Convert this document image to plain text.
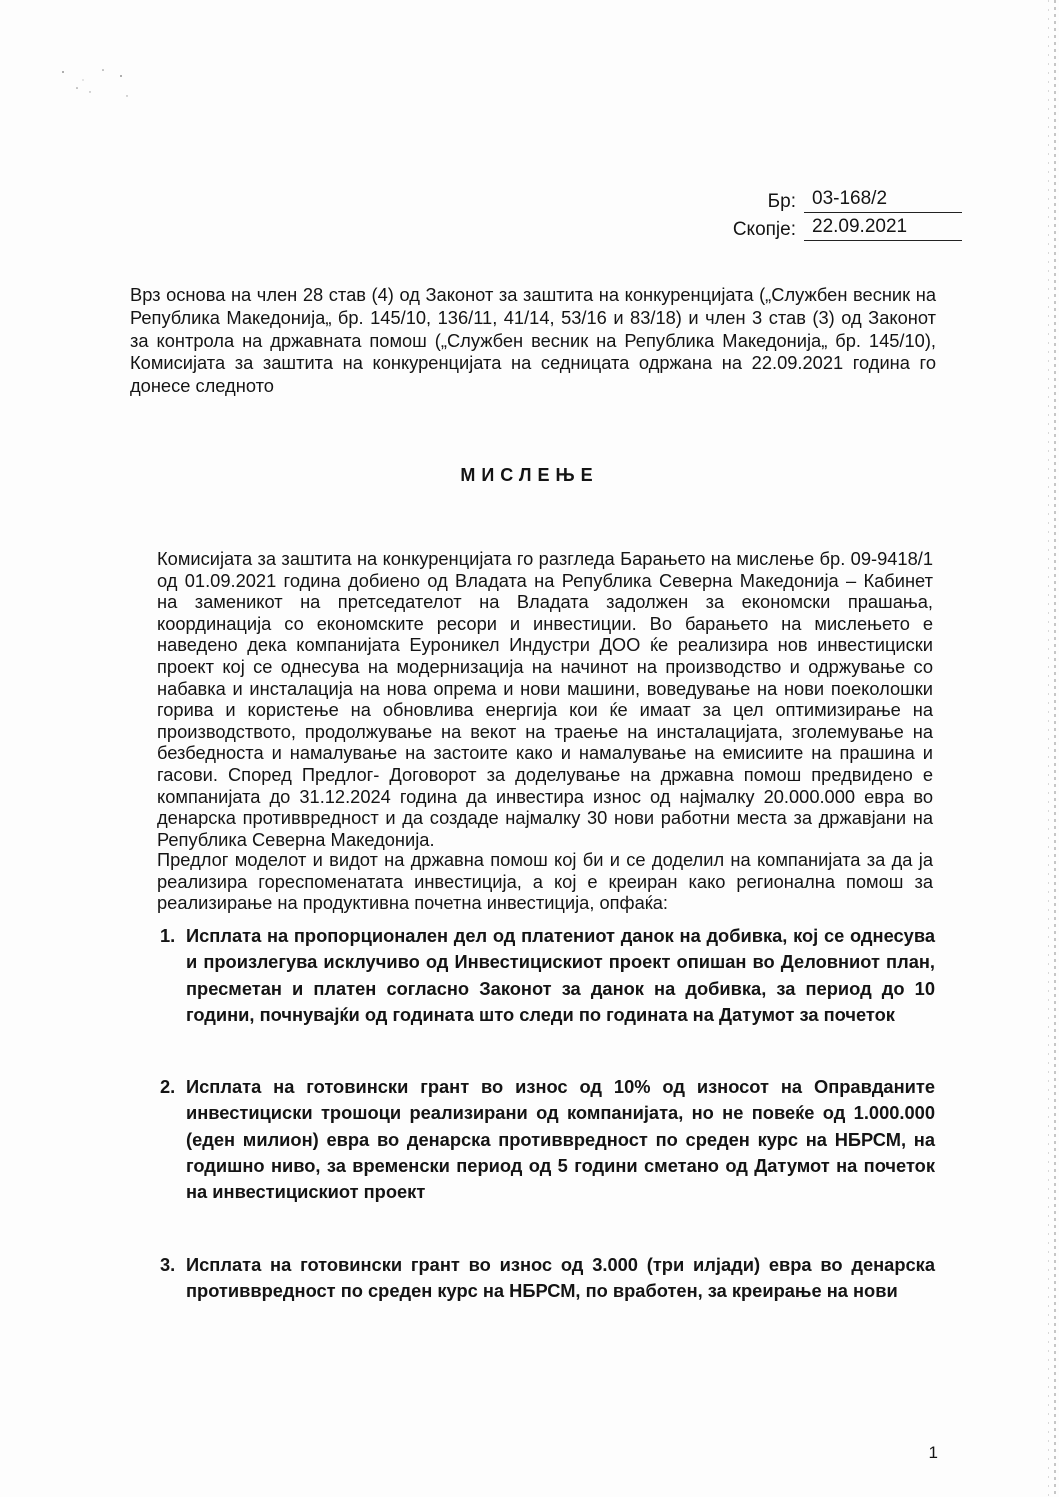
Бр: 03-168/2
Скопје: 22.09.2021
Врз основа на член 28 став (4) од Законот за заштита на конкуренцијата („Службен весник на Република Македонија„ бр. 145/10, 136/11, 41/14, 53/16 и 83/18) и член 3 став (3) од Законот за контрола на државната помош („Службен весник на Република Македонија„ бр. 145/10), Комисијата за заштита на конкуренцијата на седницата одржана на 22.09.2021 година го донесе следното
МИСЛЕЊЕ
Комисијата за заштита на конкуренцијата го разгледа Барањето на мислење бр. 09-9418/1 од 01.09.2021 година добиено од Владата на Република Северна Македонија – Кабинет на заменикот на претседателот на Владата задолжен за економски прашања, координација со економските ресори и инвестиции. Во барањето на мислењето е наведено дека компанијата Еуроникел Индустри ДОО ќе реализира нов инвестициски проект кој се однесува на модернизација на начинот на производство и одржување со набавка и инсталација на нова опрема и нови машини, воведување на нови поеколошки горива и користење на обновлива енергија кои ќе имаат за цел оптимизирање на производството, продолжување на векот на траење на инсталацијата, зголемување на безбедноста и намалување на застоите како и намалување на емисиите на прашина и гасови. Според Предлог- Договорот за доделување на државна помош предвидено е компанијата до 31.12.2024 година да инвестира износ од најмалку 20.000.000 евра во денарска противвредност и да создаде најмалку 30 нови работни места за државјани на Република Северна Македонија.
Предлог моделот и видот на државна помош кој би и се доделил на компанијата за да ја реализира гореспоменатата инвестиција, а кој е креиран како регионална помош за реализирање на продуктивна почетна инвестиција, опфаќа:
1. Исплата на пропорционален дел од платениот данок на добивка, кој се однесува и произлегува исклучиво од Инвестицискиот проект опишан во Деловниот план, пресметан и платен согласно Законот за данок на добивка, за период до 10 години, почнувајќи од годината што следи по годината на Датумот за почеток
2. Исплата на готовински грант во износ од 10% од износот на Оправданите инвестициски трошоци реализирани од компанијата, но не повеќе од 1.000.000 (еден милион) евра во денарска противвредност по среден курс на НБРСМ, на годишно ниво, за временски период од 5 години сметано од Датумот на почеток на инвестицискиот проект
3. Исплата на готовински грант во износ од 3.000 (три илјади) евра во денарска противвредност по среден курс на НБРСМ, по вработен, за креирање на нови
1
